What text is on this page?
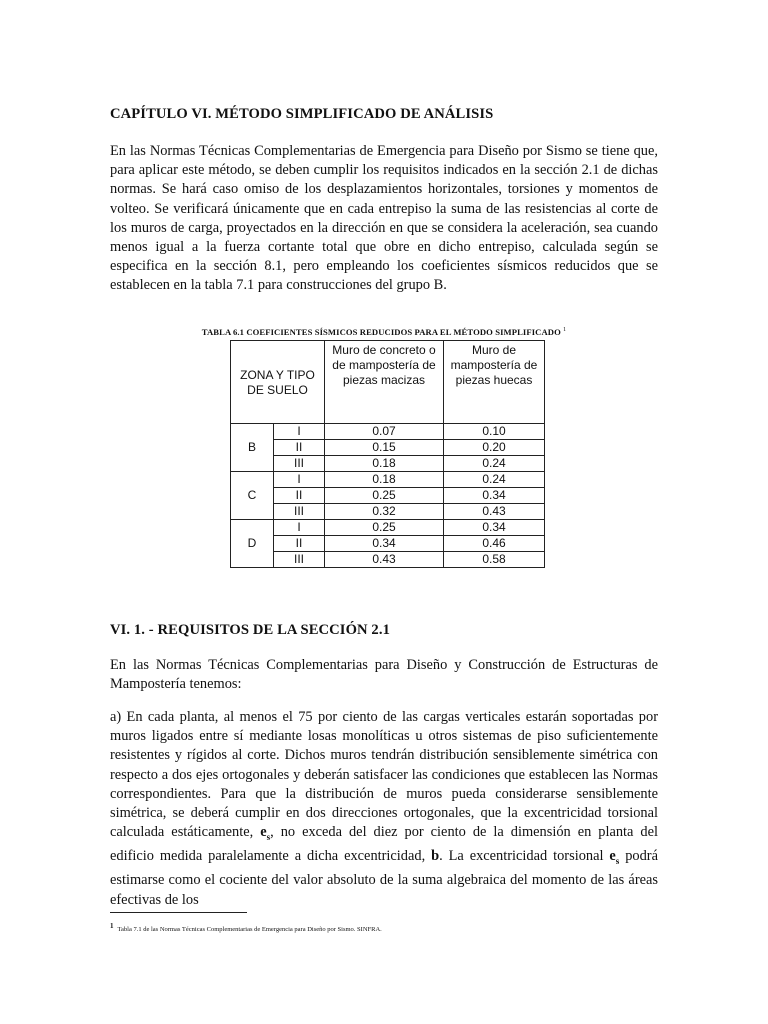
CAPÍTULO VI. MÉTODO SIMPLIFICADO DE ANÁLISIS

En las Normas Técnicas Complementarias de Emergencia para Diseño por Sismo se tiene que, para aplicar este método, se deben cumplir los requisitos indicados en la sección 2.1 de dichas normas. Se hará caso omiso de los desplazamientos horizontales, torsiones y momentos de volteo. Se verificará únicamente que en cada entrepiso la suma de las resistencias al corte de los muros de carga, proyectados en la dirección en que se considera la aceleración, sea cuando menos igual a la fuerza cortante total que obre en dicho entrepiso, calculada según se especifica en la sección 8.1, pero empleando los coeficientes sísmicos reducidos que se establecen en la tabla 7.1 para construcciones del grupo B.

TABLA 6.1 COEFICIENTES SÍSMICOS REDUCIDOS PARA EL MÉTODO SIMPLIFICADO $^1$
ZONA Y TIPO DE SUELO		Muro de concreto o de mampostería de piezas macizas	Muro de mampostería de piezas huecas
B	I	0.07	0.10
	II	0.15	0.20
	III	0.18	0.24
C	I	0.18	0.24
	II	0.25	0.34
	III	0.32	0.43
D	I	0.25	0.34
	II	0.34	0.46
	III	0.43	0.58
VI. 1. - REQUISITOS DE LA SECCIÓN 2.1

En las Normas Técnicas Complementarias para Diseño y Construcción de Estructuras de Mampostería tenemos:

a) En cada planta, al menos el 75 por ciento de las cargas verticales estarán soportadas por muros ligados entre sí mediante losas monolíticas u otros sistemas de piso suficientemente resistentes y rígidos al corte. Dichos muros tendrán distribución sensiblemente simétrica con respecto a dos ejes ortogonales y deberán satisfacer las condiciones que establecen las Normas correspondientes. Para que la distribución de muros pueda considerarse sensiblemente simétrica, se deberá cumplir en dos direcciones ortogonales, que la excentricidad torsional calculada estáticamente, $e_s$, no exceda del diez por ciento de la dimensión en planta del edificio medida paralelamente a dicha excentricidad, b. La excentricidad torsional $e_s$ podrá estimarse como el cociente del valor absoluto de la suma algebraica del momento de las áreas efectivas de los

$^1$ Tabla 7.1 de las Normas Técnicas Complementarias de Emergencia para Diseño por Sismo. SINFRA.
